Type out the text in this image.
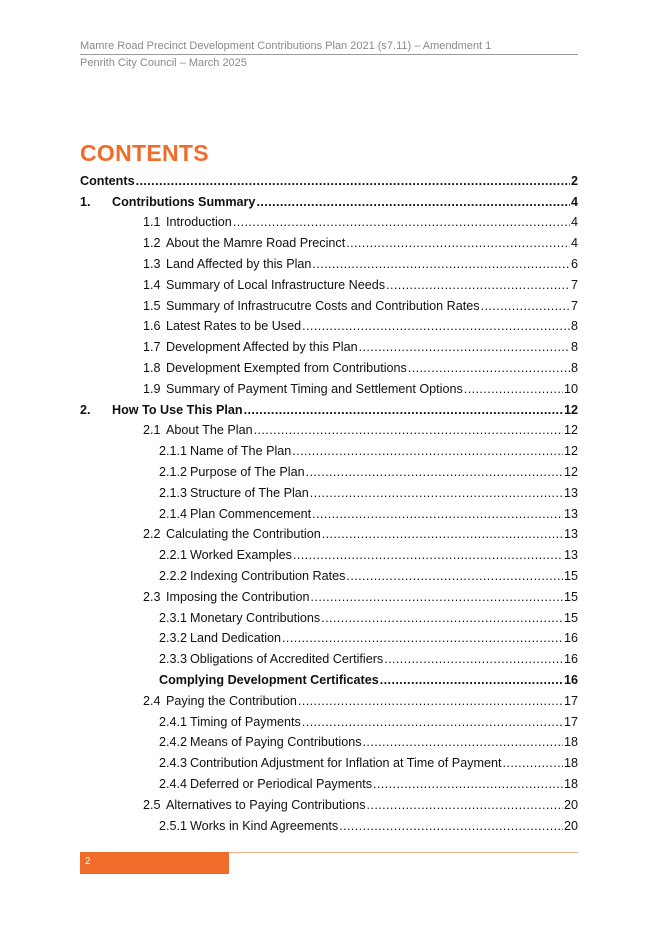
Mamre Road Precinct Development Contributions Plan 2021 (s7.11) – Amendment 1
Penrith City Council – March 2025
CONTENTS
Contents .....	2
1.	Contributions Summary .....	4
1.1 Introduction .....	4
1.2 About the Mamre Road Precinct .....	4
1.3 Land Affected by this Plan .....	6
1.4 Summary of Local Infrastructure Needs .....	7
1.5 Summary of Infrastrucutre Costs and Contribution Rates .....	7
1.6 Latest Rates to be Used .....	8
1.7 Development Affected by this Plan .....	8
1.8 Development Exempted from Contributions .....	8
1.9 Summary of Payment Timing and Settlement Options .....	10
2.	How To Use This Plan .....	12
2.1 About The Plan .....	12
2.1.1 Name of The Plan .....	12
2.1.2 Purpose of The Plan .....	12
2.1.3 Structure of The Plan .....	13
2.1.4 Plan Commencement .....	13
2.2 Calculating the Contribution .....	13
2.2.1 Worked Examples .....	13
2.2.2 Indexing Contribution Rates .....	15
2.3 Imposing the Contribution .....	15
2.3.1 Monetary Contributions .....	15
2.3.2 Land Dedication .....	16
2.3.3 Obligations of Accredited Certifiers .....	16
Complying Development Certificates .....	16
2.4 Paying the Contribution .....	17
2.4.1 Timing of Payments .....	17
2.4.2 Means of Paying Contributions .....	18
2.4.3 Contribution Adjustment for Inflation at Time of Payment .....	18
2.4.4 Deferred or Periodical Payments .....	18
2.5 Alternatives to Paying Contributions .....	20
2.5.1 Works in Kind Agreements .....	20
2
